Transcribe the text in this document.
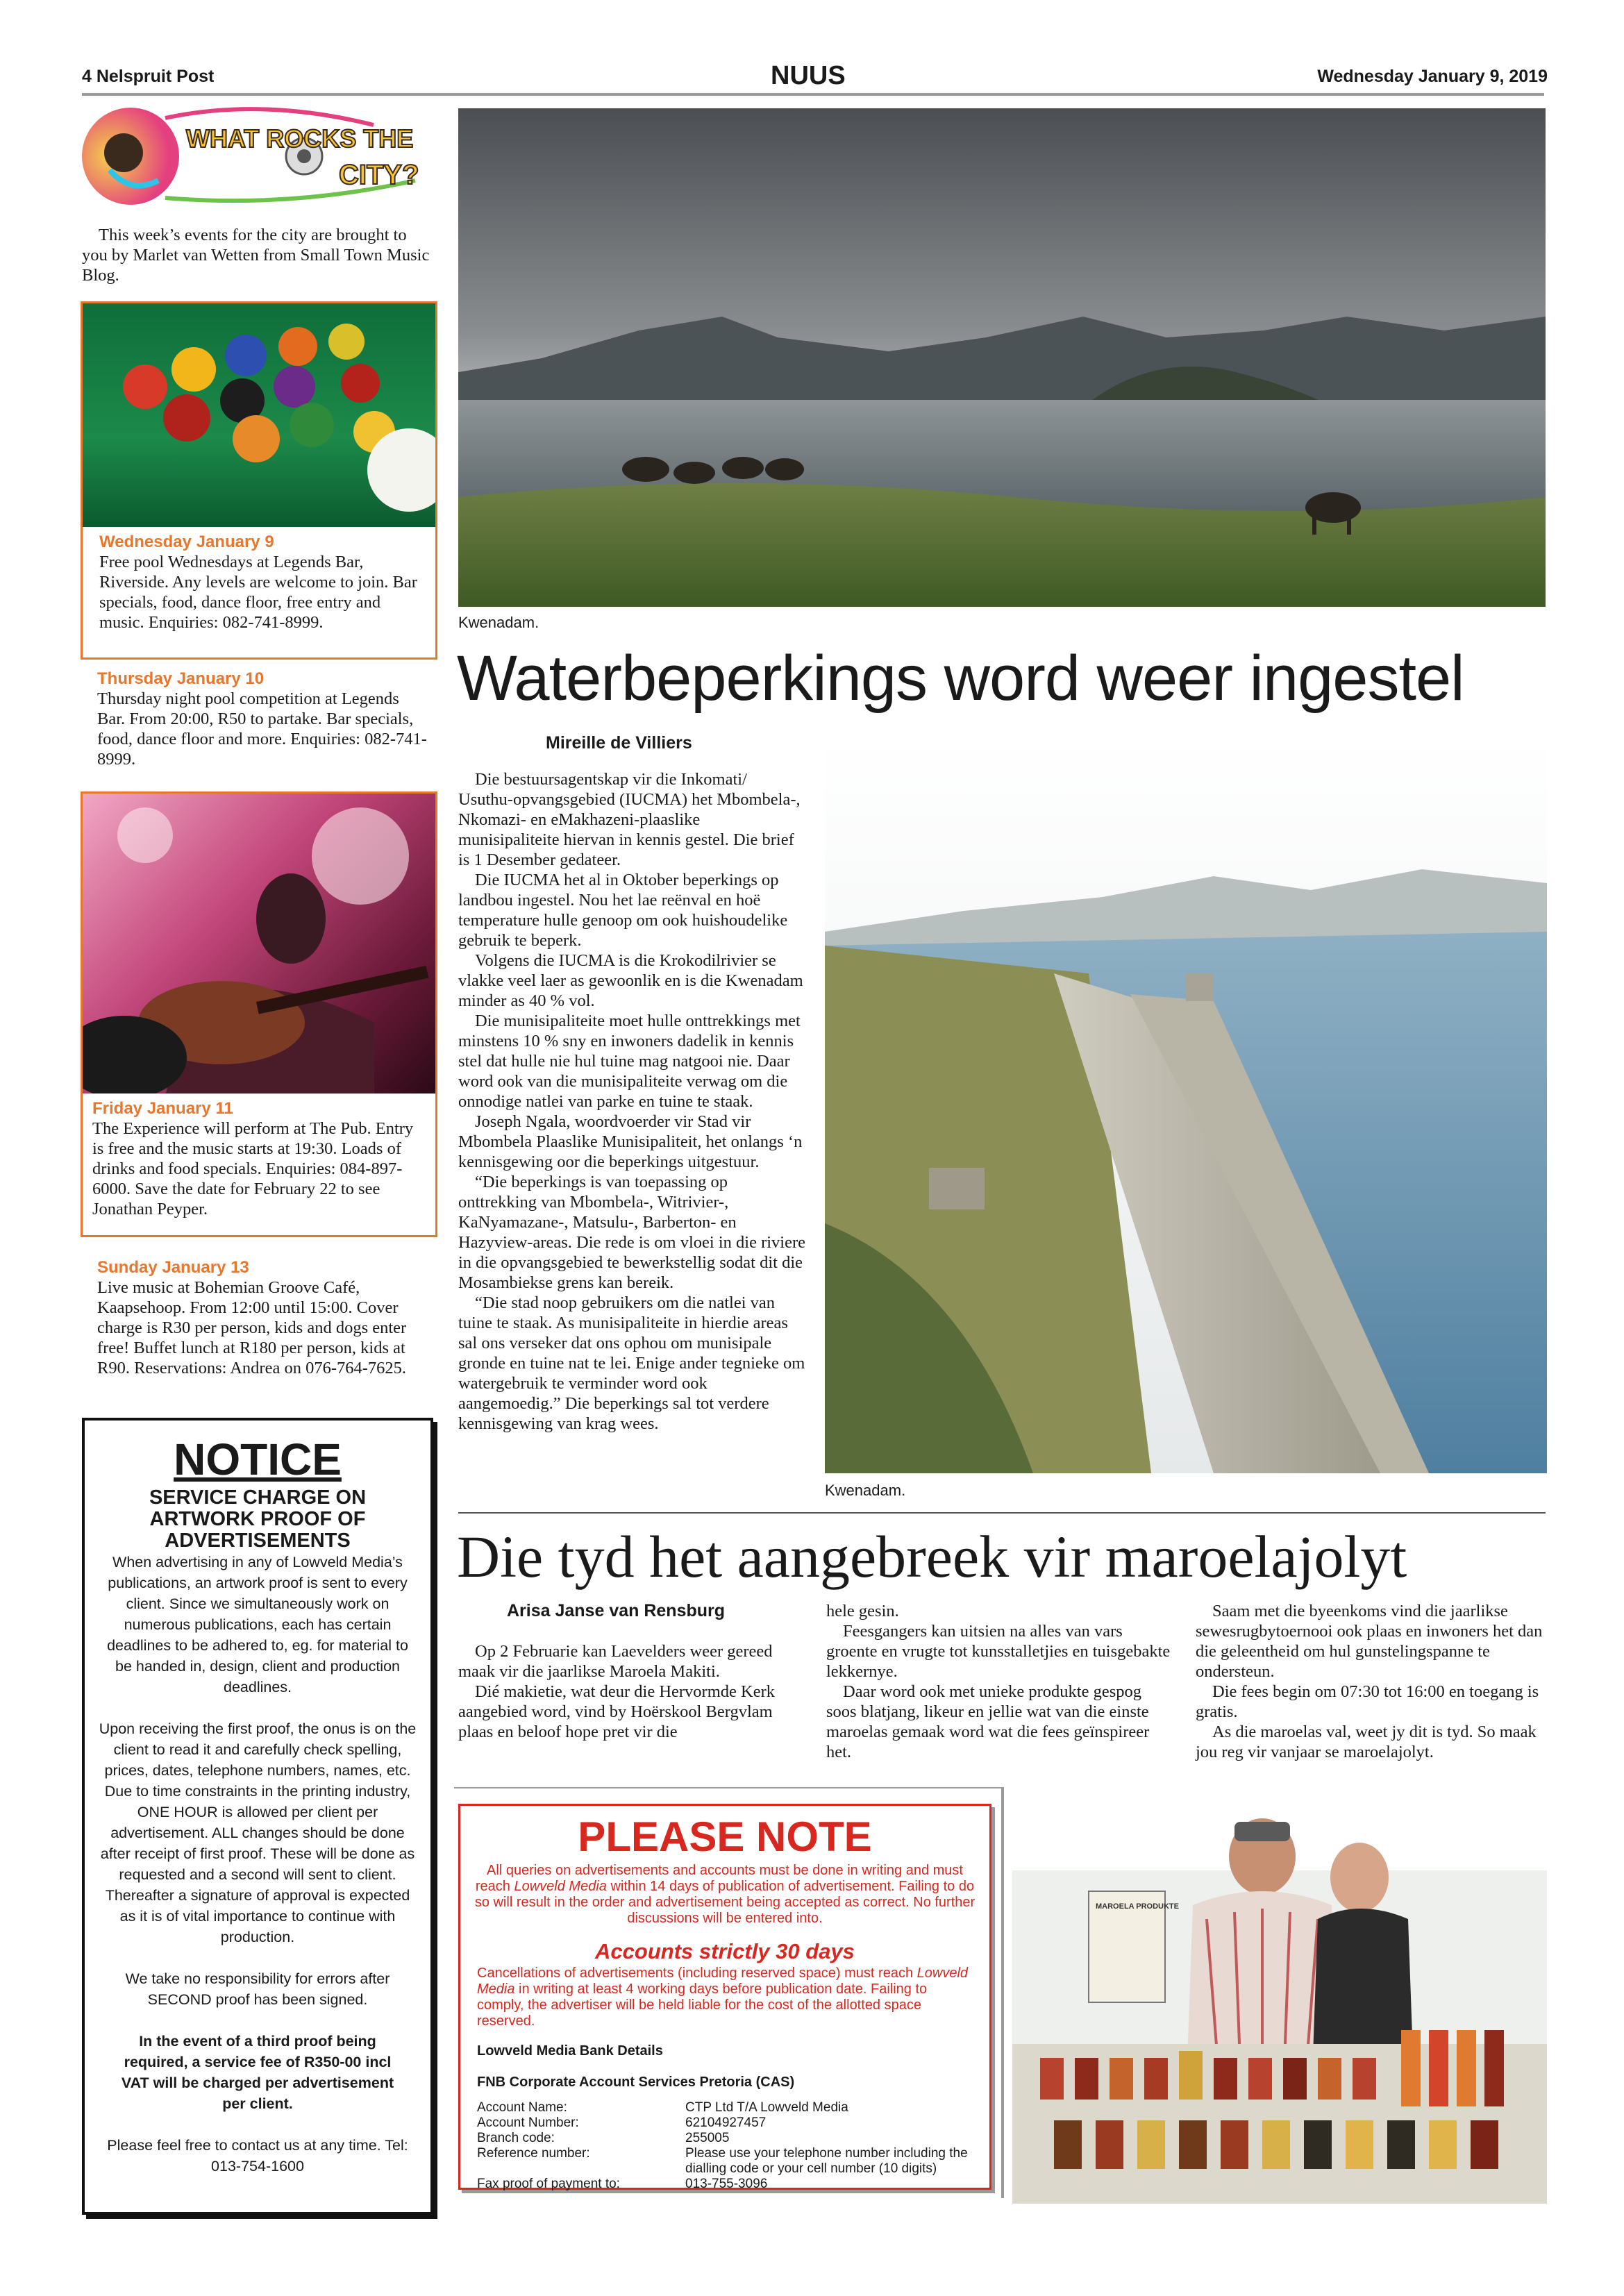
4 Nelspruit Post	NUUS	Wednesday January 9, 2019
WHAT ROCKS THE
CITY?

This week’s events for the city are brought to you by Marlet van Wetten from Small Town Music Blog.

Wednesday January 9
Free pool Wednesdays at Legends Bar, Riverside. Any levels are welcome to join. Bar specials, food, dance floor, free entry and music. Enquiries: 082-741-8999.
Thursday January 10
Thursday night pool competition at Legends Bar. From 20:00, R50 to partake. Bar specials, food, dance floor and more. Enquiries: 082-741-8999.
Friday January 11
The Experience will perform at The Pub. Entry is free and the music starts at 19:30. Loads of drinks and food specials. Enquiries: 084-897-6000. Save the date for February 22 to see Jonathan Peyper.
Sunday January 13
Live music at Bohemian Groove Café, Kaapsehoop. From 12:00 until 15:00. Cover charge is R30 per person, kids and dogs enter free! Buffet lunch at R180 per person, kids at R90. Reservations: Andrea on 076-764-7625.
NOTICE
SERVICE CHARGE ON ARTWORK PROOF OF ADVERTISEMENTS
When advertising in any of Lowveld Media’s publications, an artwork proof is sent to every client. Since we simultaneously work on numerous publications, each has certain deadlines to be adhered to, eg. for material to be handed in, design, client and production deadlines.
Upon receiving the first proof, the onus is on the client to read it and carefully check spelling, prices, dates, telephone numbers, names, etc. Due to time constraints in the printing industry, ONE HOUR is allowed per client per advertisement. ALL changes should be done after receipt of first proof. These will be done as requested and a second will sent to client. Thereafter a signature of approval is expected as it is of vital importance to continue with production.
We take no responsibility for errors after SECOND proof has been signed.
In the event of a third proof being required, a service fee of R350-00 incl VAT will be charged per advertisement per client.
Please feel free to contact us at any time. Tel: 013-754-1600
Kwenadam.
Waterbeperkings word weer ingestel
Mireille de Villiers

Die bestuursagentskap vir die Inkomati/ Usuthu-opvangsgebied (IUCMA) het Mbombela-, Nkomazi- en eMakhazeni-plaaslike munisipaliteite hiervan in kennis gestel. Die brief is 1 Desember gedateer.

Die IUCMA het al in Oktober beperkings op landbou ingestel. Nou het lae reënval en hoë temperature hulle genoop om ook huishoudelike gebruik te beperk.

Volgens die IUCMA is die Krokodilrivier se vlakke veel laer as gewoonlik en is die Kwenadam minder as 40 % vol.

Die munisipaliteite moet hulle onttrekkings met minstens 10 % sny en inwoners dadelik in kennis stel dat hulle nie hul tuine mag natgooi nie. Daar word ook van die munisipaliteite verwag om die onnodige natlei van parke en tuine te staak.

Joseph Ngala, woordvoerder vir Stad vir Mbombela Plaaslike Munisipaliteit, het onlangs ‘n kennisgewing oor die beperkings uitgestuur.

“Die beperkings is van toepassing op onttrekking van Mbombela-, Witrivier-, KaNyamazane-, Matsulu-, Barberton- en Hazyview-areas. Die rede is om vloei in die riviere in die opvangsgebied te bewerkstellig sodat dit die Mosambiekse grens kan bereik.

“Die stad noop gebruikers om die natlei van tuine te staak. As munisipaliteite in hierdie areas sal ons verseker dat ons ophou om munisipale gronde en tuine nat te lei. Enige ander tegnieke om watergebruik te verminder word ook aangemoedig.” Die beperkings sal tot verdere kennisgewing van krag wees.

Kwenadam.
Die tyd het aangebreek vir maroelajolyt
Arisa Janse van Rensburg

Op 2 Februarie kan Laevelders weer gereed maak vir die jaarlikse Maroela Makiti.

Dié makietie, wat deur die Hervormde Kerk aangebied word, vind by Hoërskool Bergvlam plaas en beloof hope pret vir die

hele gesin.

Feesgangers kan uitsien na alles van vars groente en vrugte tot kunsstalletjies en tuisgebakte lekkernye.

Daar word ook met unieke produkte gespog soos blatjang, likeur en jellie wat van die einste maroelas gemaak word wat die fees geïnspireer het.

Saam met die byeenkoms vind die jaarlikse sewesrugbytoernooi ook plaas en inwoners het dan die geleentheid om hul gunstelingspanne te ondersteun.

Die fees begin om 07:30 tot 16:00 en toegang is gratis.

As die maroelas val, weet jy dit is tyd. So maak jou reg vir vanjaar se maroelajolyt.

PLEASE NOTE
All queries on advertisements and accounts must be done in writing and must reach Lowveld Media within 14 days of publication of advertisement. Failing to do so will result in the order and advertisement being accepted as correct. No further discussions will be entered into.
Accounts strictly 30 days
Cancellations of advertisements (including reserved space) must reach Lowveld Media in writing at least 4 working days before publication date. Failing to comply, the advertiser will be held liable for the cost of the allotted space reserved.
Lowveld Media Bank Details
FNB Corporate Account Services Pretoria (CAS)
Account Name:	CTP Ltd T/A Lowveld Media
Account Number:	62104927457
Branch code:	255005
Reference number:	Please use your telephone number including the dialling code or your cell number (10 digits)
Fax proof of payment to:	013-755-3096
MAROELA PRODUKTE
